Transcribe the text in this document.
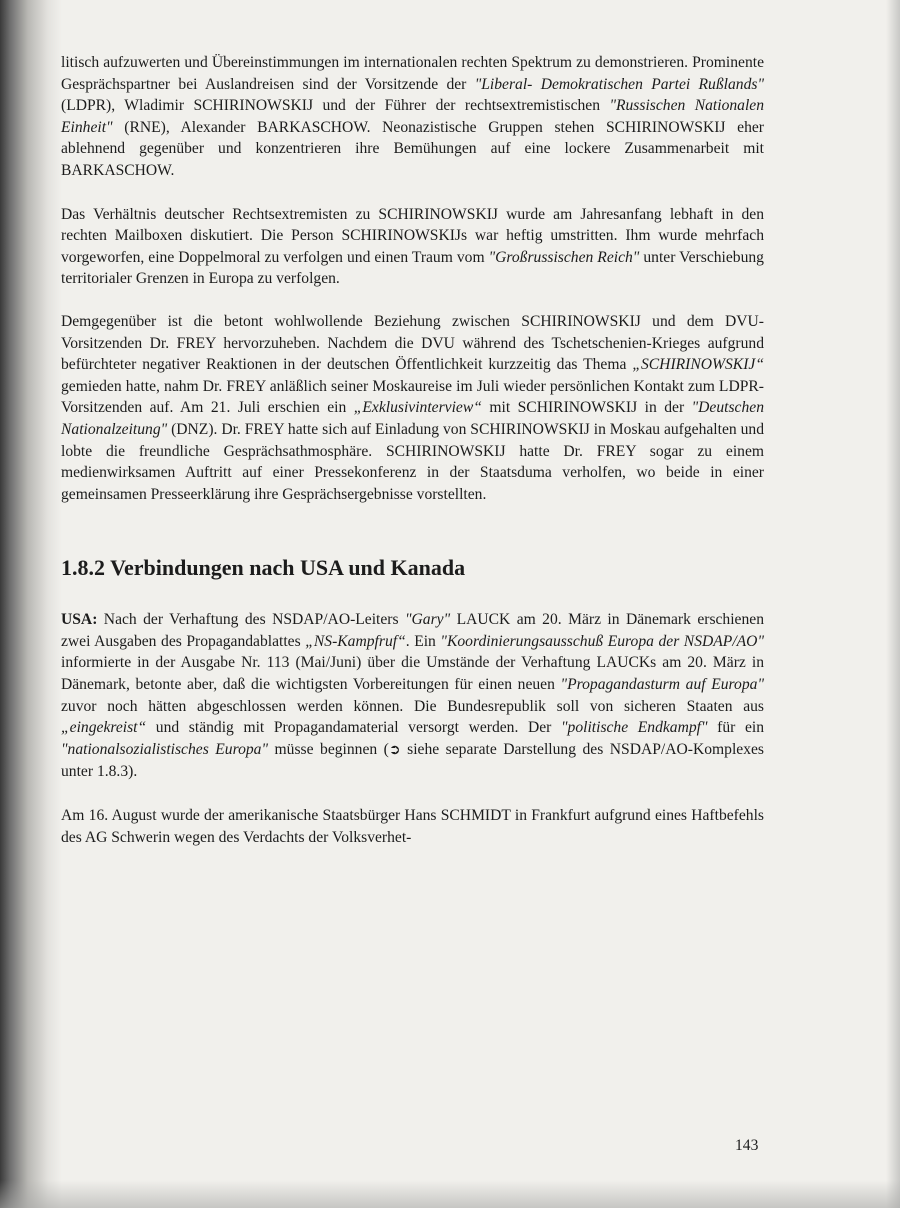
litisch aufzuwerten und Übereinstimmungen im internationalen rechten Spektrum zu demonstrieren. Prominente Gesprächspartner bei Auslandreisen sind der Vorsitzende der "Liberal- Demokratischen Partei Rußlands" (LDPR), Wladimir SCHIRINOWSKIJ und der Führer der rechtsextremistischen "Russischen Nationalen Einheit" (RNE), Alexander BARKASCHOW. Neonazistische Gruppen stehen SCHIRINOWSKIJ eher ablehnend gegenüber und konzentrieren ihre Bemühungen auf eine lockere Zusammenarbeit mit BARKASCHOW.

Das Verhältnis deutscher Rechtsextremisten zu SCHIRINOWSKIJ wurde am Jahresanfang lebhaft in den rechten Mailboxen diskutiert. Die Person SCHIRINOWSKIJs war heftig umstritten. Ihm wurde mehrfach vorgeworfen, eine Doppelmoral zu verfolgen und einen Traum vom "Großrussischen Reich" unter Verschiebung territorialer Grenzen in Europa zu verfolgen.

Demgegenüber ist die betont wohlwollende Beziehung zwischen SCHIRINOWSKIJ und dem DVU-Vorsitzenden Dr. FREY hervorzuheben. Nachdem die DVU während des Tschetschenien-Krieges aufgrund befürchteter negativer Reaktionen in der deutschen Öffentlichkeit kurzzeitig das Thema „SCHIRINOWSKIJ“ gemieden hatte, nahm Dr. FREY anläßlich seiner Moskaureise im Juli wieder persönlichen Kontakt zum LDPR-Vorsitzenden auf. Am 21. Juli erschien ein „Exklusivinterview“ mit SCHIRINOWSKIJ in der "Deutschen Nationalzeitung" (DNZ). Dr. FREY hatte sich auf Einladung von SCHIRINOWSKIJ in Moskau aufgehalten und lobte die freundliche Gesprächsathmosphäre. SCHIRINOWSKIJ hatte Dr. FREY sogar zu einem medienwirksamen Auftritt auf einer Pressekonferenz in der Staatsduma verholfen, wo beide in einer gemeinsamen Presseerklärung ihre Gesprächsergebnisse vorstellten.

1.8.2 Verbindungen nach USA und Kanada

USA: Nach der Verhaftung des NSDAP/AO-Leiters "Gary" LAUCK am 20. März in Dänemark erschienen zwei Ausgaben des Propagandablattes „NS-Kampfruf“. Ein "Koordinierungsausschuß Europa der NSDAP/AO" informierte in der Ausgabe Nr. 113 (Mai/Juni) über die Umstände der Verhaftung LAUCKs am 20. März in Dänemark, betonte aber, daß die wichtigsten Vorbereitungen für einen neuen "Propagandasturm auf Europa" zuvor noch hätten abgeschlossen werden können. Die Bundesrepublik soll von sicheren Staaten aus „eingekreist“ und ständig mit Propagandamaterial versorgt werden. Der "politische Endkampf" für ein "nationalsozialistisches Europa" müsse beginnen (➲ siehe separate Darstellung des NSDAP/AO-Komplexes unter 1.8.3).

Am 16. August wurde der amerikanische Staatsbürger Hans SCHMIDT in Frankfurt aufgrund eines Haftbefehls des AG Schwerin wegen des Verdachts der Volksverhet-

143
